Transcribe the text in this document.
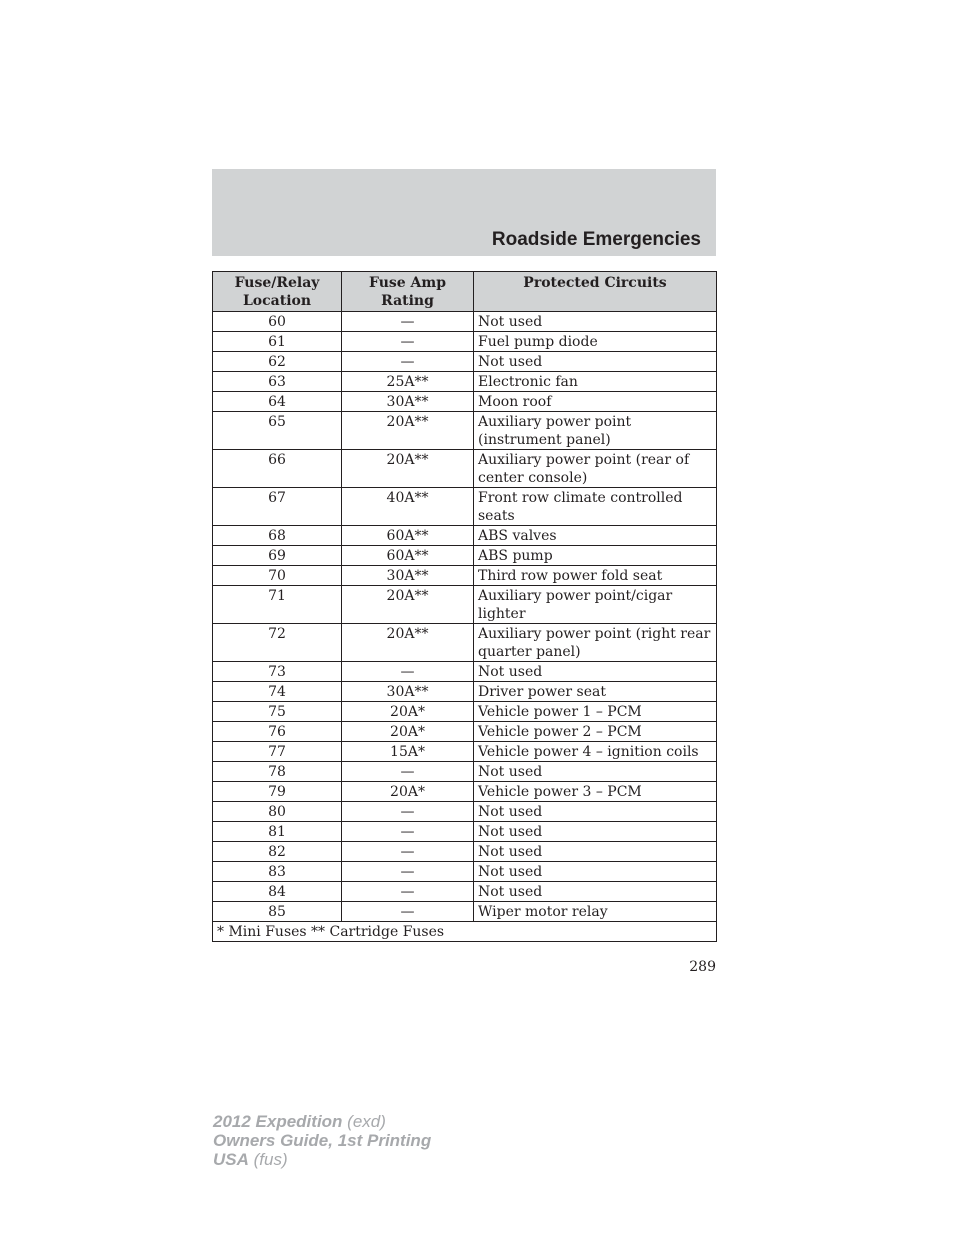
Roadside Emergencies
Fuse/Relay Location	Fuse Amp Rating	Protected Circuits
60	—	Not used
61	—	Fuel pump diode
62	—	Not used
63	25A**	Electronic fan
64	30A**	Moon roof
65	20A**	Auxiliary power point (instrument panel)
66	20A**	Auxiliary power point (rear of center console)
67	40A**	Front row climate controlled seats
68	60A**	ABS valves
69	60A**	ABS pump
70	30A**	Third row power fold seat
71	20A**	Auxiliary power point/cigar lighter
72	20A**	Auxiliary power point (right rear quarter panel)
73	—	Not used
74	30A**	Driver power seat
75	20A*	Vehicle power 1 – PCM
76	20A*	Vehicle power 2 – PCM
77	15A*	Vehicle power 4 – ignition coils
78	—	Not used
79	20A*	Vehicle power 3 – PCM
80	—	Not used
81	—	Not used
82	—	Not used
83	—	Not used
84	—	Not used
85	—	Wiper motor relay
* Mini Fuses ** Cartridge Fuses		
289
2012 Expedition (exd)
Owners Guide, 1st Printing
USA (fus)
